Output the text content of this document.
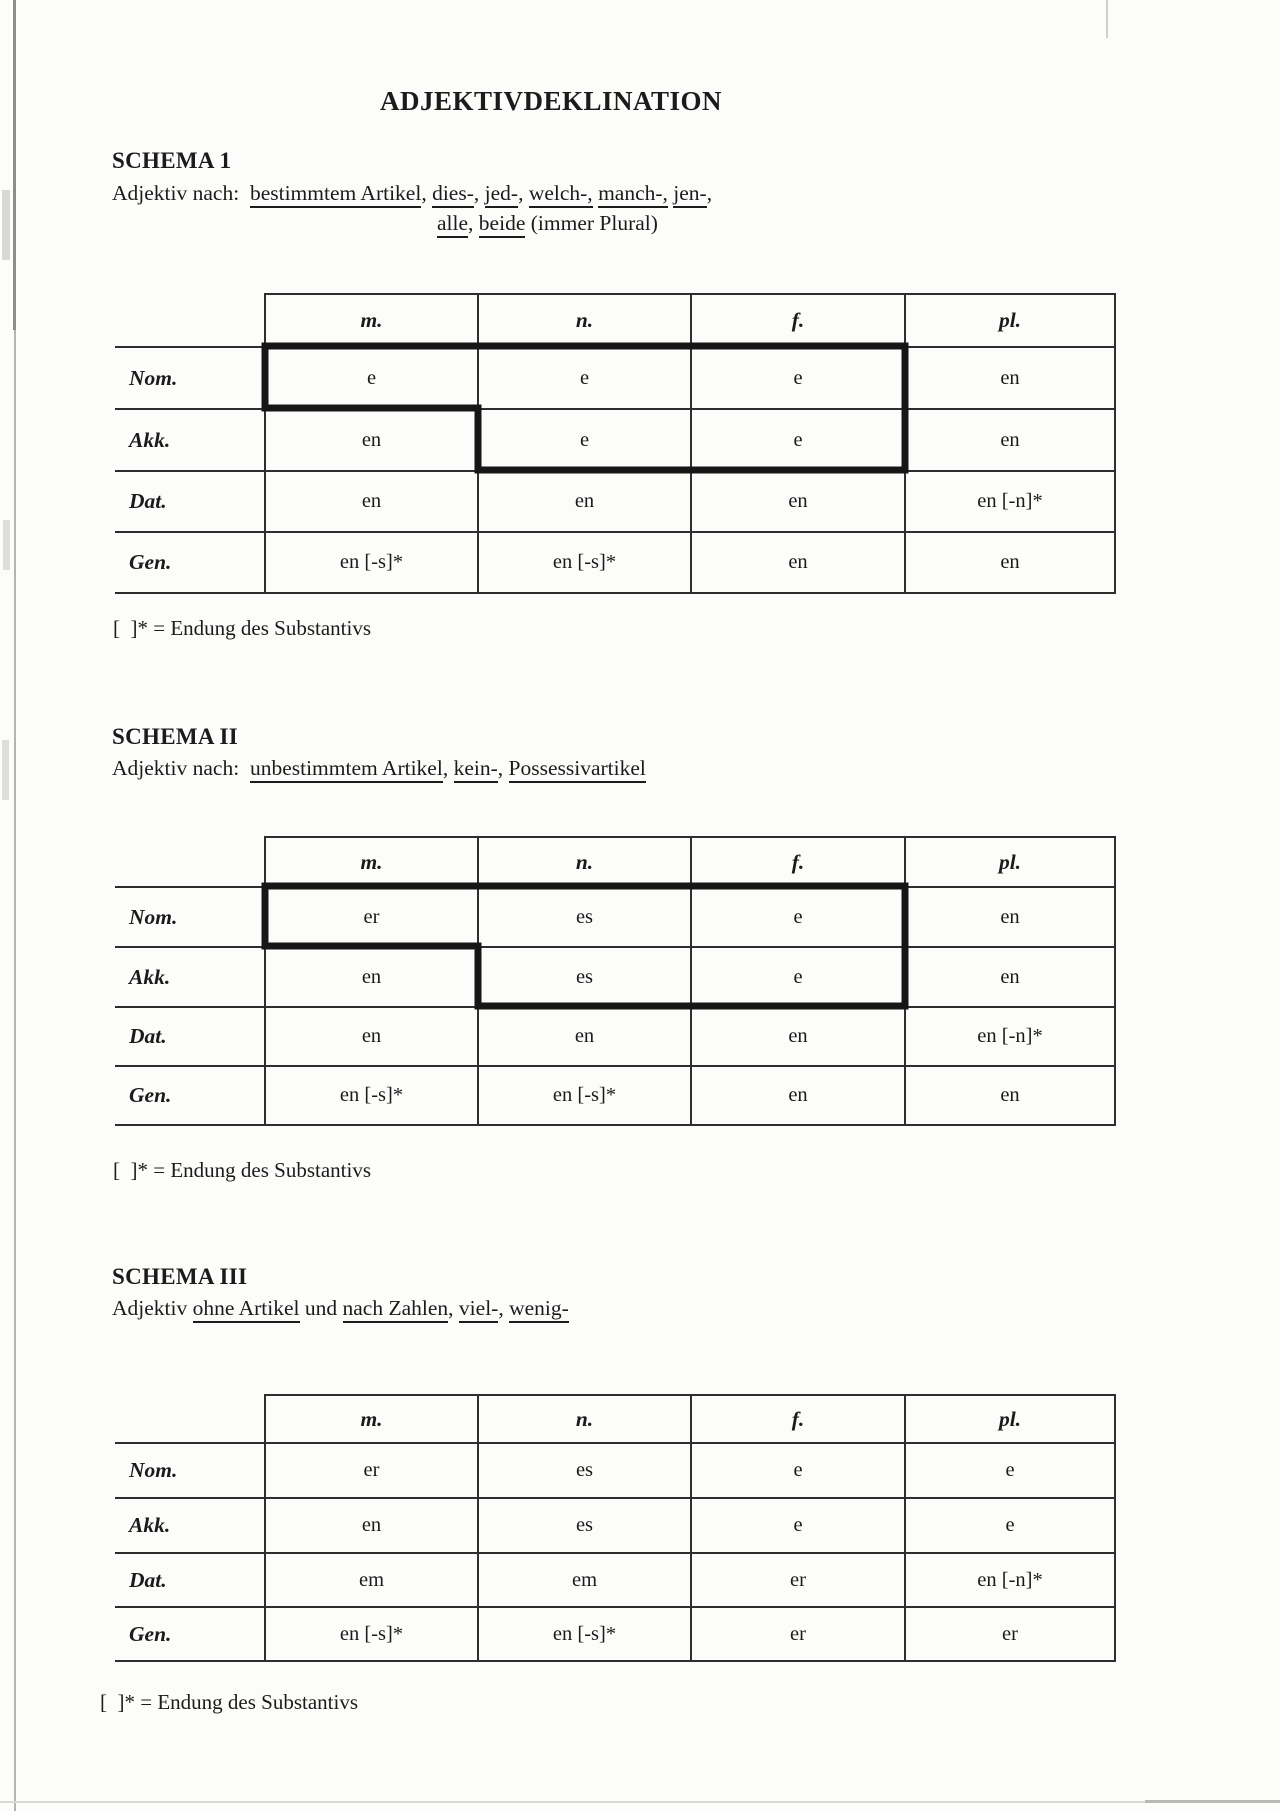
ADJEKTIVDEKLINATION
SCHEMA 1
Adjektiv nach:  bestimmtem Artikel, dies-, jed-, welch-, manch-, jen-,
alle, beide (immer Plural)
	m.	n.	f.	pl.
Nom.	e	e	e	en
Akk.	en	e	e	en
Dat.	en	en	en	en [-n]*
Gen.	en [-s]*	en [-s]*	en	en
[  ]* = Endung des Substantivs
SCHEMA II
Adjektiv nach:  unbestimmtem Artikel, kein-, Possessivartikel
	m.	n.	f.	pl.
Nom.	er	es	e	en
Akk.	en	es	e	en
Dat.	en	en	en	en [-n]*
Gen.	en [-s]*	en [-s]*	en	en
[  ]* = Endung des Substantivs
SCHEMA III
Adjektiv ohne Artikel und nach Zahlen, viel-, wenig-
	m.	n.	f.	pl.
Nom.	er	es	e	e
Akk.	en	es	e	e
Dat.	em	em	er	en [-n]*
Gen.	en [-s]*	en [-s]*	er	er
[  ]* = Endung des Substantivs
